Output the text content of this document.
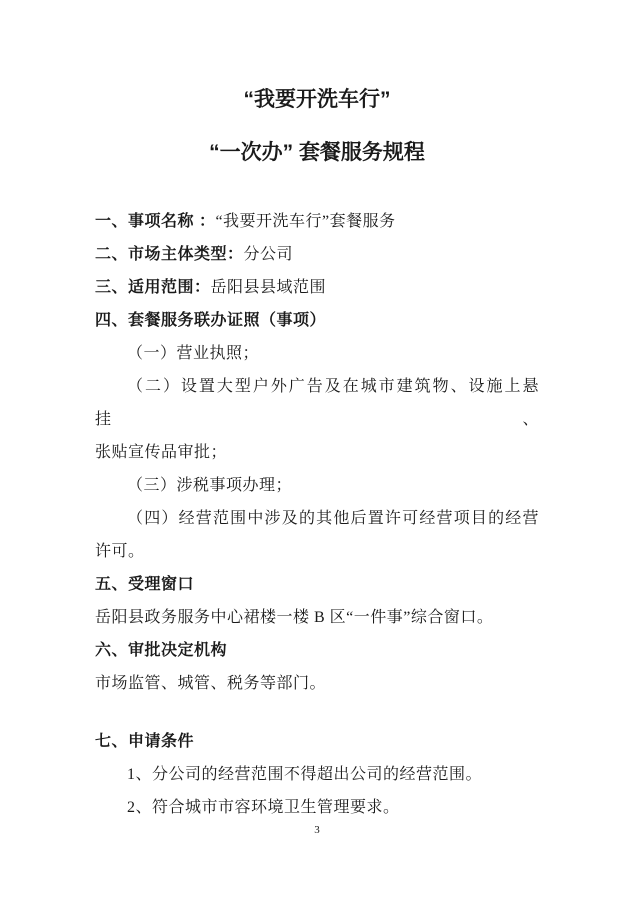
“我要开洗车行”
“一次办” 套餐服务规程
一、事项名称 ：“我要开洗车行”套餐服务
二、市场主体类型：分公司
三、适用范围：岳阳县县域范围
四、套餐服务联办证照（事项）
（一）营业执照；
（二）设置大型户外广告及在城市建筑物、设施上悬挂、
张贴宣传品审批；
（三）涉税事项办理；
（四）经营范围中涉及的其他后置许可经营项目的经营
许可。
五、受理窗口
岳阳县政务服务中心裙楼一楼 B 区“一件事”综合窗口。
六、审批决定机构
市场监管、城管、税务等部门。
七、申请条件
1、分公司的经营范围不得超出公司的经营范围。
2、符合城市市容环境卫生管理要求。
3
